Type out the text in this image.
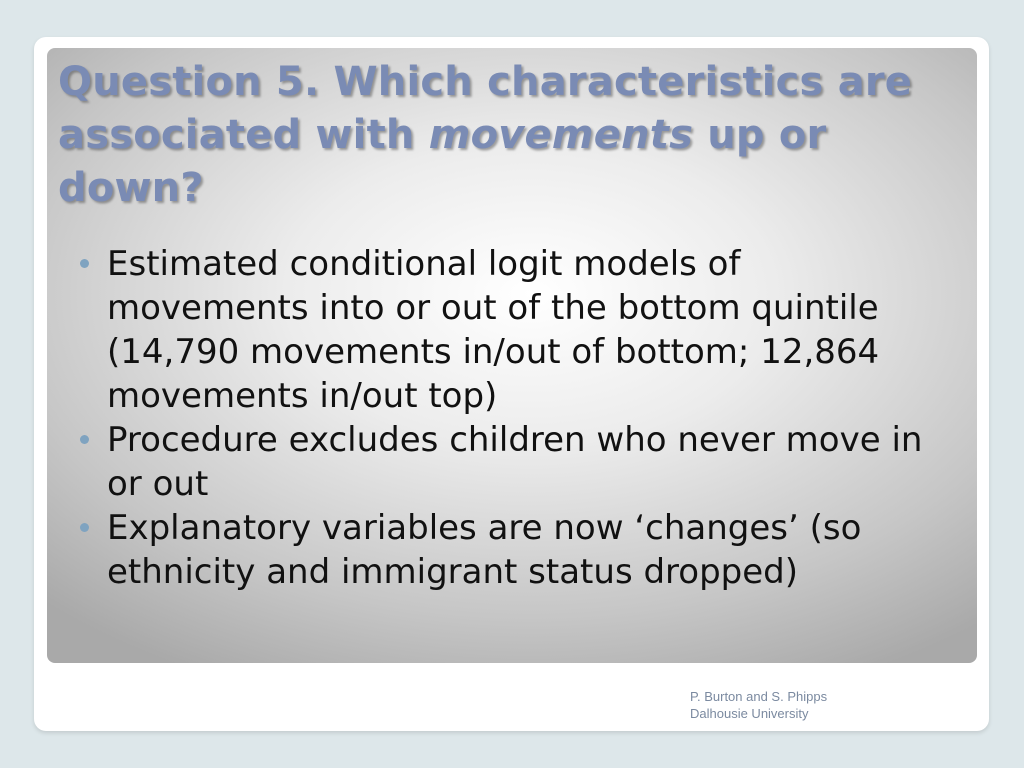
Question 5. Which characteristics are associated with movements up or down?
Estimated conditional logit models of movements into or out of the bottom quintile (14,790 movements in/out of bottom; 12,864 movements in/out top)
Procedure excludes children who never move in or out
Explanatory variables are now ‘changes’ (so ethnicity and immigrant status dropped)
P. Burton and S. Phipps
Dalhousie University
